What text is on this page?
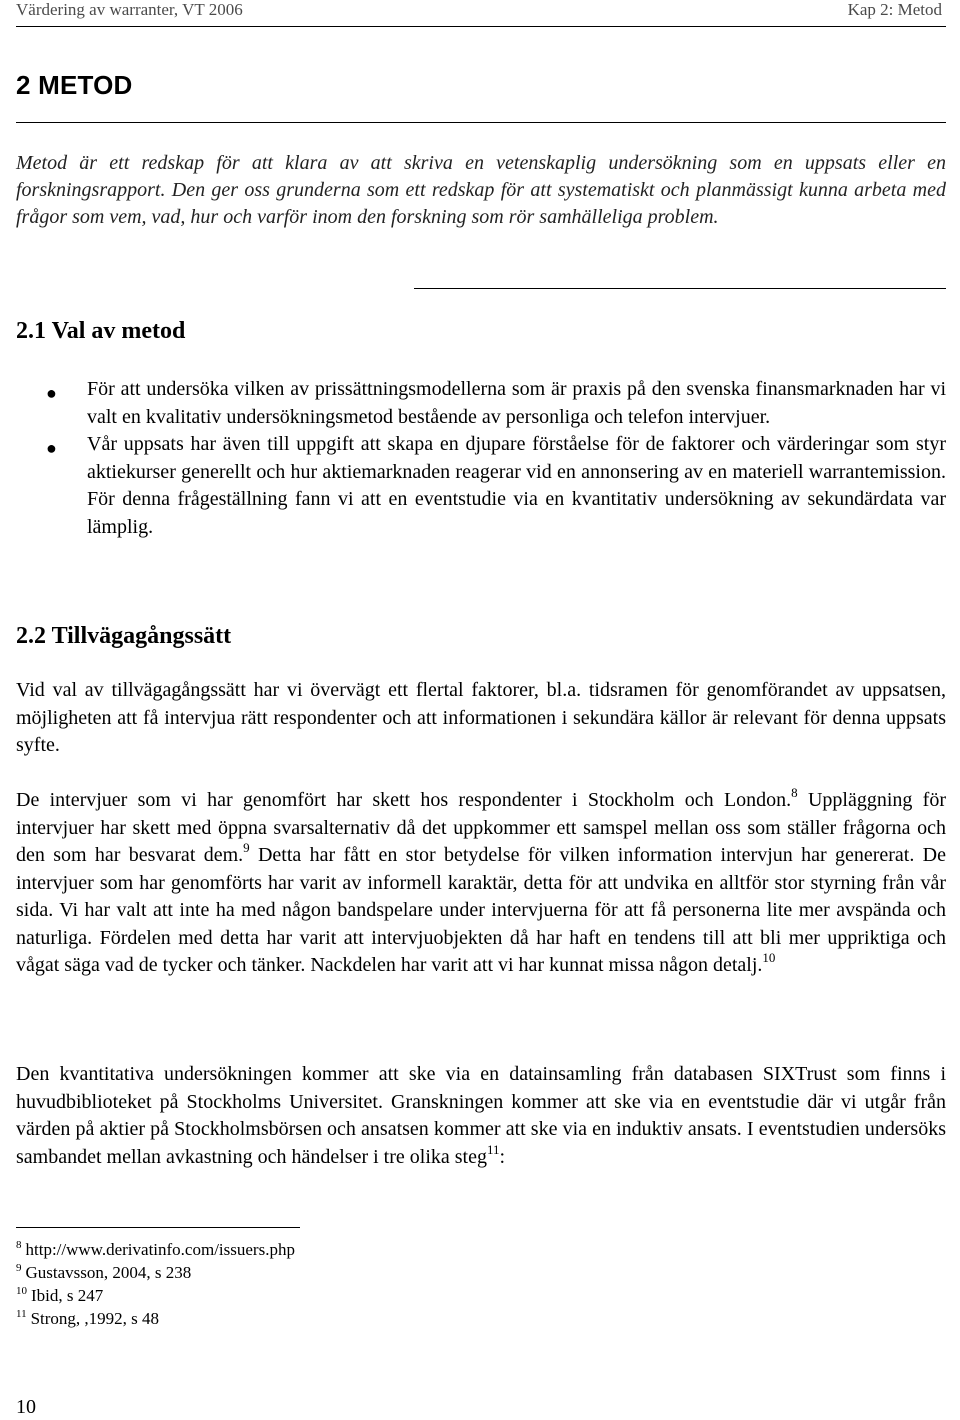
Värdering av warranter, VT 2006	Kap 2: Metod
2 METOD

Metod är ett redskap för att klara av att skriva en vetenskaplig undersökning som en uppsats eller en forskningsrapport. Den ger oss grunderna som ett redskap för att systematiskt och planmässigt kunna arbeta med frågor som vem, vad, hur och varför inom den forskning som rör samhälleliga problem.

2.1 Val av metod
● För att undersöka vilken av prissättningsmodellerna som är praxis på den svenska finansmarknaden har vi valt en kvalitativ undersökningsmetod bestående av personliga och telefon intervjuer.
● Vår uppsats har även till uppgift att skapa en djupare förståelse för de faktorer och värderingar som styr aktiekurser generellt och hur aktiemarknaden reagerar vid en annonsering av en materiell warrantemission. För denna frågeställning fann vi att en eventstudie via en kvantitativ undersökning av sekundärdata var lämplig.
2.2 Tillvägagångssätt

Vid val av tillvägagångssätt har vi övervägt ett flertal faktorer, bl.a. tidsramen för genomförandet av uppsatsen, möjligheten att få intervjua rätt respondenter och att informationen i sekundära källor är relevant för denna uppsats syfte.

De intervjuer som vi har genomfört har skett hos respondenter i Stockholm och London.$^8$ Uppläggning för intervjuer har skett med öppna svarsalternativ då det uppkommer ett samspel mellan oss som ställer frågorna och den som har besvarat dem.$^9$ Detta har fått en stor betydelse för vilken information intervjun har genererat. De intervjuer som har genomförts har varit av informell karaktär, detta för att undvika en alltför stor styrning från vår sida. Vi har valt att inte ha med någon bandspelare under intervjuerna för att få personerna lite mer avspända och naturliga. Fördelen med detta har varit att intervjuobjekten då har haft en tendens till att bli mer uppriktiga och vågat säga vad de tycker och tänker. Nackdelen har varit att vi har kunnat missa någon detalj.$^{10}$

Den kvantitativa undersökningen kommer att ske via en datainsamling från databasen SIXTrust som finns i huvudbiblioteket på Stockholms Universitet. Granskningen kommer att ske via en eventstudie där vi utgår från värden på aktier på Stockholmsbörsen och ansatsen kommer att ske via en induktiv ansats. I eventstudien undersöks sambandet mellan avkastning och händelser i tre olika steg$^{11}$:

$^8$ http://www.derivatinfo.com/issuers.php
$^9$ Gustavsson, 2004, s 238
$^{10}$ Ibid, s 247
$^{11}$ Strong, ,1992, s 48
10
